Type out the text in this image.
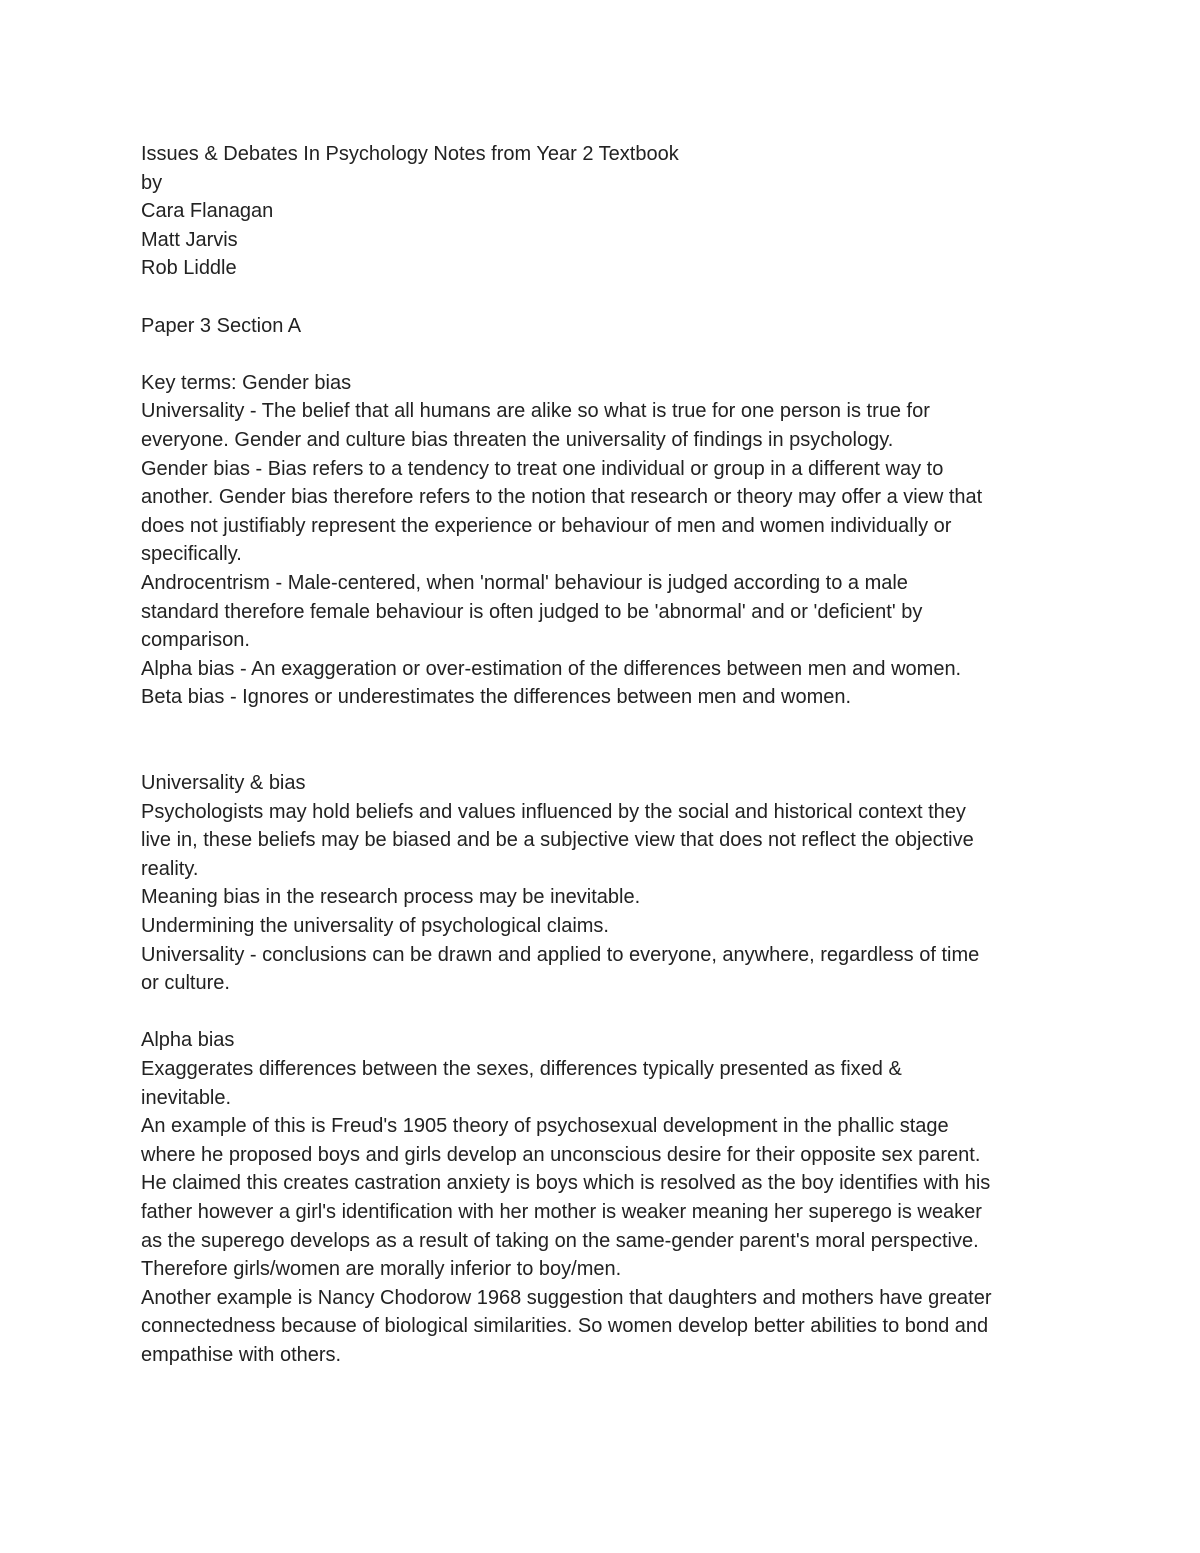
Issues & Debates In Psychology Notes from Year 2 Textbook
by
Cara Flanagan
Matt Jarvis
Rob Liddle
Paper 3 Section A
Key terms: Gender bias
Universality - The belief that all humans are alike so what is true for one person is true for
everyone. Gender and culture bias threaten the universality of findings in psychology.
Gender bias - Bias refers to a tendency to treat one individual or group in a different way to
another. Gender bias therefore refers to the notion that research or theory may offer a view that
does not justifiably represent the experience or behaviour of men and women individually or
specifically.
Androcentrism - Male-centered, when 'normal' behaviour is judged according to a male
standard therefore female behaviour is often judged to be 'abnormal' and or 'deficient' by
comparison.
Alpha bias - An exaggeration or over-estimation of the differences between men and women.
Beta bias - Ignores or underestimates the differences between men and women.
Universality & bias
Psychologists may hold beliefs and values influenced by the social and historical context they
live in, these beliefs may be biased and be a subjective view that does not reflect the objective
reality.
Meaning bias in the research process may be inevitable.
Undermining the universality of psychological claims.
Universality - conclusions can be drawn and applied to everyone, anywhere, regardless of time
or culture.
Alpha bias
Exaggerates differences between the sexes, differences typically presented as fixed &
inevitable.
An example of this is Freud's 1905 theory of psychosexual development in the phallic stage
where he proposed boys and girls develop an unconscious desire for their opposite sex parent.
He claimed this creates castration anxiety is boys which is resolved as the boy identifies with his
father however a girl's identification with her mother is weaker meaning her superego is weaker
as the superego develops as a result of taking on the same-gender parent's moral perspective.
Therefore girls/women are morally inferior to boy/men.
Another example is Nancy Chodorow 1968 suggestion that daughters and mothers have greater
connectedness because of biological similarities. So women develop better abilities to bond and
empathise with others.
